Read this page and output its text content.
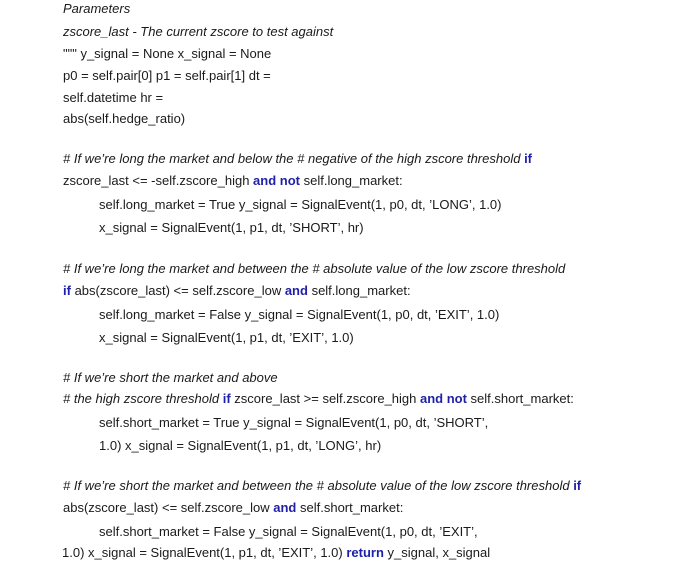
Parameters
zscore_last - The current zscore to test against
""" y_signal = None x_signal = None
p0 = self.pair[0] p1 = self.pair[1] dt =
self.datetime hr =
abs(self.hedge_ratio)
# If we’re long the market and below the # negative of the high zscore threshold if
zscore_last <= -self.zscore_high and not self.long_market:
self.long_market = True y_signal = SignalEvent(1, p0, dt, ’LONG’, 1.0)
x_signal = SignalEvent(1, p1, dt, ’SHORT’, hr)
# If we’re long the market and between the # absolute value of the low zscore threshold
if abs(zscore_last) <= self.zscore_low and self.long_market:
self.long_market = False y_signal = SignalEvent(1, p0, dt, ’EXIT’, 1.0)
x_signal = SignalEvent(1, p1, dt, ’EXIT’, 1.0)
# If we’re short the market and above
# the high zscore threshold if zscore_last >= self.zscore_high and not self.short_market:
self.short_market = True y_signal = SignalEvent(1, p0, dt, ’SHORT’,
1.0) x_signal = SignalEvent(1, p1, dt, ’LONG’, hr)
# If we’re short the market and between the # absolute value of the low zscore threshold if
abs(zscore_last) <= self.zscore_low and self.short_market:
self.short_market = False y_signal = SignalEvent(1, p0, dt, ’EXIT’,
1.0) x_signal = SignalEvent(1, p1, dt, ’EXIT’, 1.0) return y_signal, x_signal
